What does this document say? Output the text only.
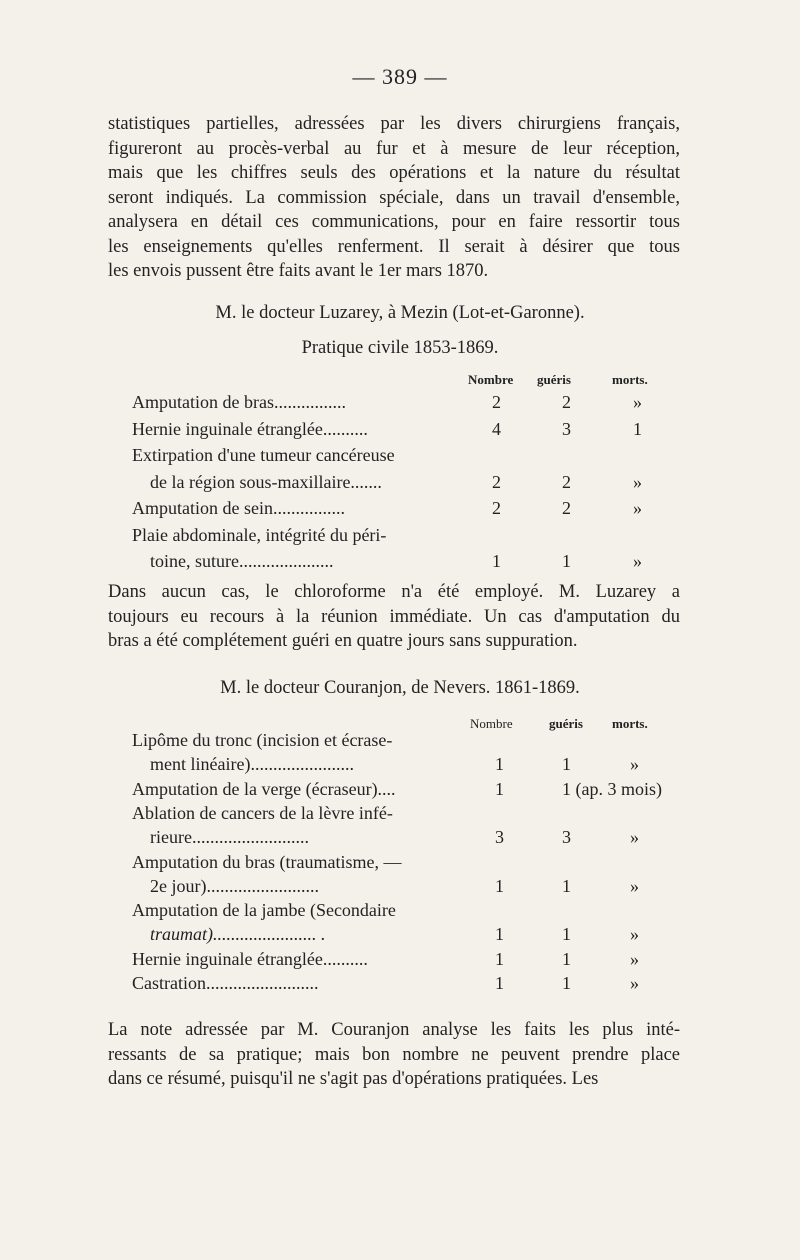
— 389 —
statistiques partielles, adressées par les divers chirurgiens français,
figureront au procès-verbal au fur et à mesure de leur réception,
mais que les chiffres seuls des opérations et la nature du résultat
seront indiqués. La commission spéciale, dans un travail d'ensemble,
analysera en détail ces communications, pour en faire ressortir tous
les enseignements qu'elles renferment. Il serait à désirer que tous
les envois pussent être faits avant le 1er mars 1870.
M. le docteur Luzarey, à Mezin (Lot-et-Garonne).
Pratique civile 1853-1869.
Nombre guéris	morts.
Amputation de bras................	2	2	»
Hernie inguinale étranglée..........	4	3	1
Extirpation d'une tumeur cancéreuse
de la région sous-maxillaire.......	2	2	»
Amputation de sein................	2	2	»
Plaie abdominale, intégrité du péri-
toine, suture.....................	1	1	»
Dans aucun cas, le chloroforme n'a été employé. M. Luzarey a
toujours eu recours à la réunion immédiate. Un cas d'amputation du
bras a été complétement guéri en quatre jours sans suppuration.
M. le docteur Couranjon, de Nevers. 1861-1869.
Nombre	guéris morts.
Lipôme du tronc (incision et écrase-
ment linéaire).......................	1	1	»
Amputation de la verge (écraseur)....	1	1 (ap. 3 mois)
Ablation de cancers de la lèvre infé-
rieure..........................	3	3	»
Amputation du bras (traumatisme, —
2e jour).........................	1	1	»
Amputation de la jambe (Secondaire
traumat)....................... .	1	1	»
Hernie inguinale étranglée..........	1	1	»
Castration.........................	1	1	»
La note adressée par M. Couranjon analyse les faits les plus inté-
ressants de sa pratique; mais bon nombre ne peuvent prendre place
dans ce résumé, puisqu'il ne s'agit pas d'opérations pratiquées. Les
